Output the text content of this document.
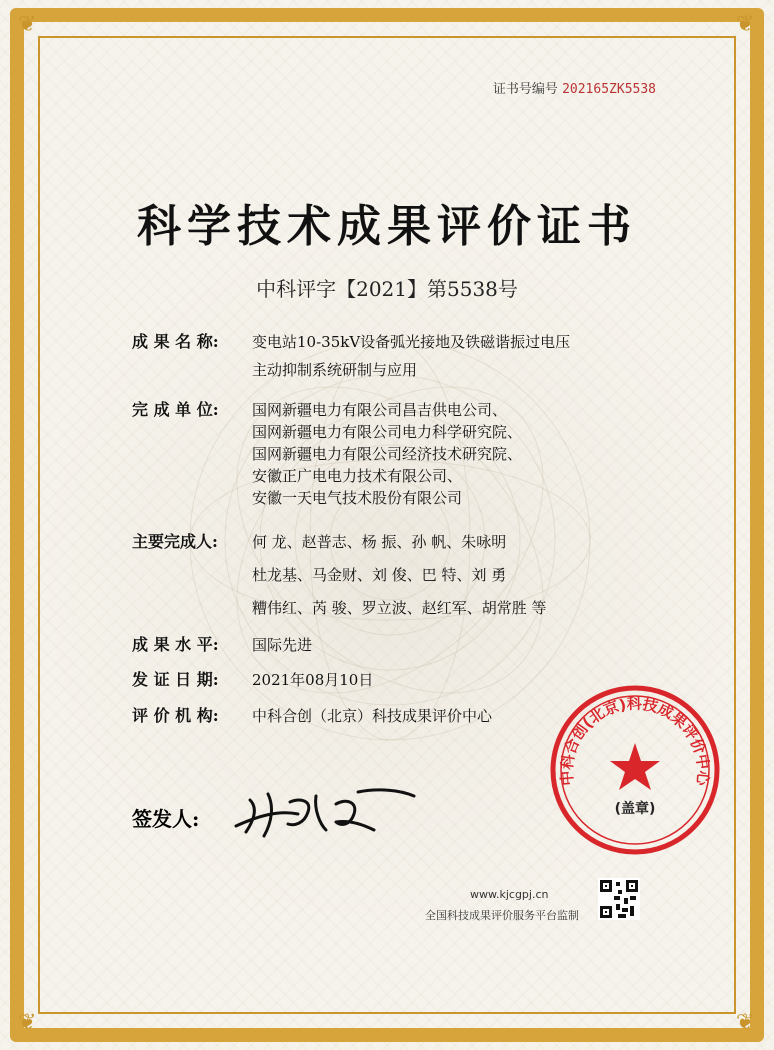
❦	❦
❦	❦
证书号编号 202165ZK5538
科学技术成果评价证书
中科评字【2021】第5538号
成 果 名 称:	变电站10-35kV设备弧光接地及铁磁谐振过电压
主动抑制系统研制与应用
完 成 单 位:	国网新疆电力有限公司昌吉供电公司、
国网新疆电力有限公司电力科学研究院、
国网新疆电力有限公司经济技术研究院、
安徽正广电电力技术有限公司、
安徽一天电气技术股份有限公司
主要完成人:	何 龙、赵普志、杨 振、孙 帆、朱咏明
杜龙基、马金财、刘 俊、巴 特、刘 勇
糟伟红、芮 骏、罗立波、赵红军、胡常胜 等
成 果 水 平:	国际先进
发 证 日 期:	2021年08月10日
评 价 机 构:	中科合创（北京）科技成果评价中心
签发人:
中科合创(北京)科技成果评价中心
(盖章)
www.kjcgpj.cn
全国科技成果评价服务平台监制
